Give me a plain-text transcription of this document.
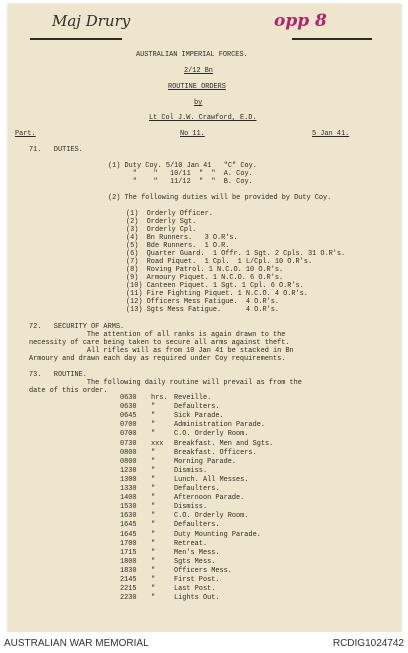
Maj Drury	opp 8
AUSTRALIAN IMPERIAL FORCES.
2/12 Bn
ROUTINE ORDERS
by
Lt Col J.W. Crawford, E.D.
Part.	No 11.	5 Jan 41.
71.   DUTIES.
(1) Duty Coy. 5/10 Jan 41   "C" Coy.
"    "   10/11  "  "  A. Coy.
"    "   11/12  "  "  B. Coy.
(2) The following duties will be provided by Duty Coy.
(1)  Orderly Officer.
(2)  Orderly Sgt.
(3)  Orderly Cpl.
(4)  Bn Runners.   3 O.R's.
(5)  Bde Runners.  1 O.R.
(6)  Quarter Guard.  1 Offr. 1 Sgt. 2 Cpls. 31 O.R's.
(7)  Road Piquet.  1 Cpl.  1 L/Cpl. 10 O.R's.
(8)  Roving Patrol. 1 N.C.O. 10 O.R's.
(9)  Armoury Piquet. 1 N.C.O. 6 O.R's.
(10) Canteen Piquet. 1 Sgt. 1 Cpl. 6 O.R's.
(11) Fire Fighting Piquet. 1 N.C.O. 4 O.R's.
(12) Officers Mess Fatigue.  4 O.R's.
(13) Sgts Mess Fatigue.      4 O.R's.
72.   SECURITY OF ARMS.
The attention of all ranks is again drawn to the
necessity of care being taken to secure all arms against theft.
All rifles will as from 10 Jan 41 be stacked in Bn
Armoury and drawn each day as required under Coy requirements.
73.   ROUTINE.
The following daily routine will prevail as from the
date of this order.
0630 hrs. Reveille.
0630 "	Defaulters.
0645 "	Sick Parade.
0700 "	Administration Parade.
0700 "	C.O. Orderly Room.
0730 xxx Breakfast. Men and Sgts.
0800 "	Breakfast. Officers.
0800 "	Morning Parade.
1230 "	Dismiss.
1300 "	Lunch. All Messes.
1330 "	Defaulters.
1400 "	Afternoon Parade.
1530 "	Dismiss.
1630 "	C.O. Orderly Room.
1645 "	Defaulters.
1645 "	Duty Mounting Parade.
1700 "	Retreat.
1715 "	Men's Mess.
1800 "	Sgts Mess.
1830 "	Officers Mess.
2145 "	First Post.
2215 "	Last Post.
2230 "	Lights Out.
AUSTRALIAN WAR MEMORIAL	RCDIG1024742
